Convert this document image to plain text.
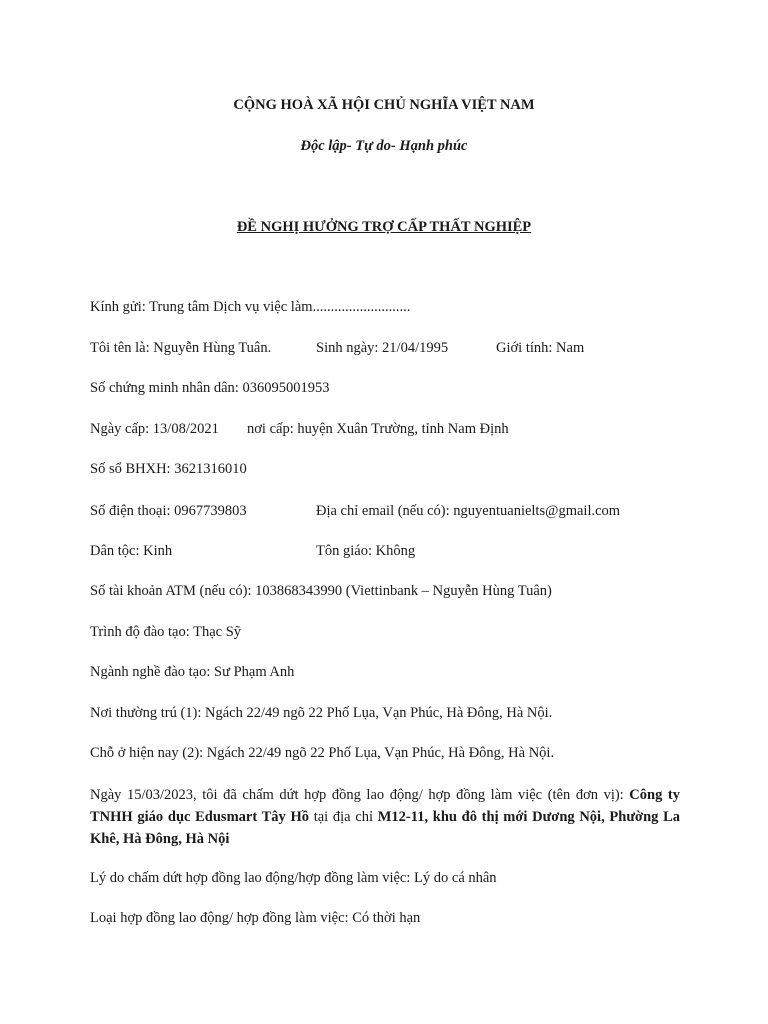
CỘNG HOÀ XÃ HỘI CHỦ NGHĨA VIỆT NAM
Độc lập- Tự do- Hạnh phúc
ĐỀ NGHỊ HƯỞNG TRỢ CẤP THẤT NGHIỆP
Kính gửi: Trung tâm Dịch vụ việc làm...........................
Tôi tên là: Nguyễn Hùng Tuân.	Sinh ngày: 21/04/1995	Giới tính: Nam
Số chứng minh nhân dân: 036095001953
Ngày cấp: 13/08/2021 nơi cấp: huyện Xuân Trường, tỉnh Nam Định
Số sổ BHXH: 3621316010
Số điện thoại: 0967739803	Địa chỉ email (nếu có): nguyentuanielts@gmail.com
Dân tộc: Kinh	Tôn giáo: Không
Số tài khoản ATM (nếu có): 103868343990 (Viettinbank – Nguyễn Hùng Tuân)
Trình độ đào tạo: Thạc Sỹ
Ngành nghề đào tạo: Sư Phạm Anh
Nơi thường trú (1): Ngách 22/49 ngõ 22 Phố Lụa, Vạn Phúc, Hà Đông, Hà Nội.
Chỗ ở hiện nay (2): Ngách 22/49 ngõ 22 Phố Lụa, Vạn Phúc, Hà Đông, Hà Nội.
Ngày 15/03/2023, tôi đã chấm dứt hợp đồng lao động/ hợp đồng làm việc (tên đơn vị): Công ty TNHH giáo dục Edusmart Tây Hồ tại địa chỉ M12-11, khu đô thị mới Dương Nội, Phường La Khê, Hà Đông, Hà Nội
Lý do chấm dứt hợp đồng lao động/hợp đồng làm việc: Lý do cá nhân
Loại hợp đồng lao động/ hợp đồng làm việc: Có thời hạn
